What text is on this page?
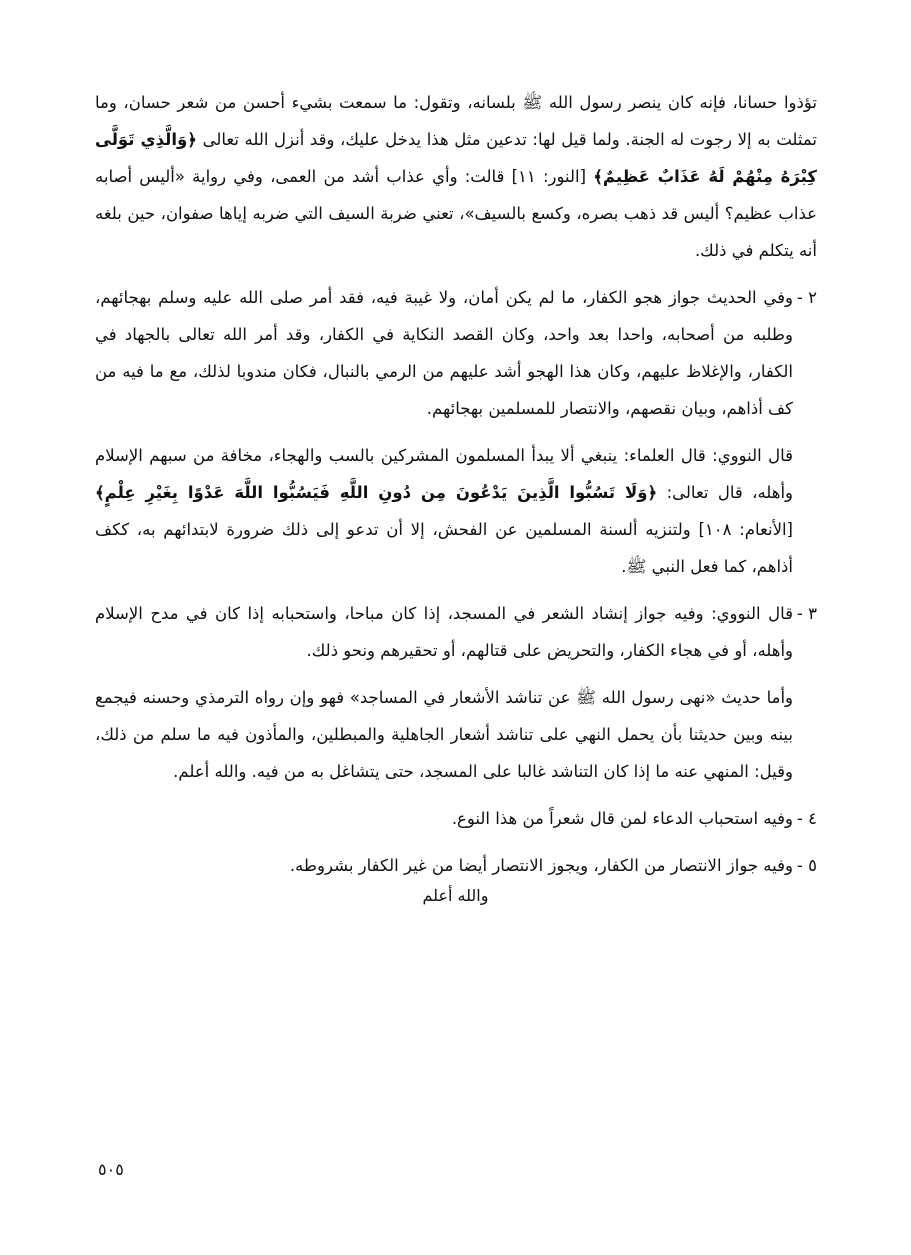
تؤذوا حسانا، فإنه كان ينصر رسول الله ﷺ بلسانه، وتقول: ما سمعت بشيء أحسن من شعر حسان، وما تمثلت به إلا رجوت له الجنة. ولما قيل لها: تدعين مثل هذا يدخل عليك، وقد أنزل الله تعالى ﴿وَالَّذِي تَوَلَّى كِبْرَهُ مِنْهُمْ لَهُ عَذَابٌ عَظِيمٌ﴾ [النور: ١١] قالت: وأي عذاب أشد من العمى، وفي رواية «أليس أصابه عذاب عظيم؟ أليس قد ذهب بصره، وكسع بالسيف»، تعني ضربة السيف التي ضربه إياها صفوان، حين بلغه أنه يتكلم في ذلك.

٢ -
وفي الحديث جواز هجو الكفار، ما لم يكن أمان، ولا غيبة فيه، فقد أمر صلى الله عليه وسلم بهجائهم، وطلبه من أصحابه، واحدا بعد واحد، وكان القصد النكاية في الكفار، وقد أمر الله تعالى بالجهاد في الكفار، والإغلاظ عليهم، وكان هذا الهجو أشد عليهم من الرمي بالنبال، فكان مندوبا لذلك، مع ما فيه من كف أذاهم، وبيان نقصهم، والانتصار للمسلمين بهجائهم.

قال النووي: قال العلماء: ينبغي ألا يبدأ المسلمون المشركين بالسب والهجاء، مخافة من سبهم الإسلام وأهله، قال تعالى: ﴿وَلَا تَسُبُّوا الَّذِينَ يَدْعُونَ مِن دُونِ اللَّهِ فَيَسُبُّوا اللَّهَ عَدْوًا بِغَيْرِ عِلْمٍ﴾ [الأنعام: ١٠٨] ولتنزيه ألسنة المسلمين عن الفحش، إلا أن تدعو إلى ذلك ضرورة لابتدائهم به، ككف أذاهم، كما فعل النبي ﷺ.

٣ -
قال النووي: وفيه جواز إنشاد الشعر في المسجد، إذا كان مباحا، واستحبابه إذا كان في مدح الإسلام وأهله، أو في هجاء الكفار، والتحريض على قتالهم، أو تحقيرهم ونحو ذلك.

وأما حديث «نهى رسول الله ﷺ عن تناشد الأشعار في المساجد» فهو وإن رواه الترمذي وحسنه فيجمع بينه وبين حديثنا بأن يحمل النهي على تناشد أشعار الجاهلية والمبطلين، والمأذون فيه ما سلم من ذلك، وقيل: المنهي عنه ما إذا كان التناشد غالبا على المسجد، حتى يتشاغل به من فيه. والله أعلم.

٤ -
وفيه استحباب الدعاء لمن قال شعراً من هذا النوع.
٥ -
وفيه جواز الانتصار من الكفار، ويجوز الانتصار أيضا من غير الكفار بشروطه.
والله أعلم
٥٠٥
